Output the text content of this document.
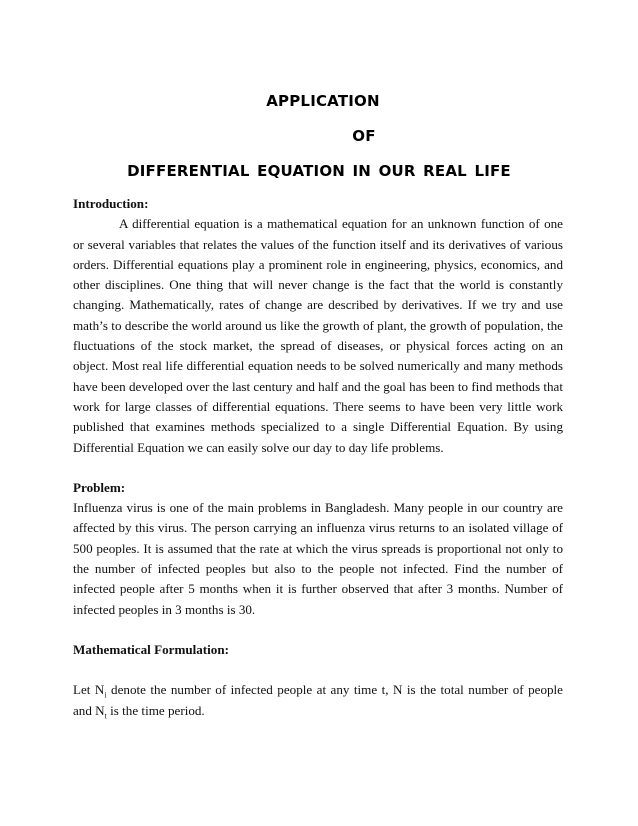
application
of
differential equation in our real life

Introduction:

A differential equation is a mathematical equation for an unknown function of one or several variables that relates the values of the function itself and its derivatives of various orders. Differential equations play a prominent role in engineering, physics, economics, and other disciplines. One thing that will never change is the fact that the world is constantly changing. Mathematically, rates of change are described by derivatives. If we try and use math’s to describe the world around us like the growth of plant, the growth of population, the fluctuations of the stock market, the spread of diseases, or physical forces acting on an object. Most real life differential equation needs to be solved numerically and many methods have been developed over the last century and half and the goal has been to find methods that work for large classes of differential equations. There seems to have been very little work published that examines methods specialized to a single Differential Equation. By using Differential Equation we can easily solve our day to day life problems.

Problem:

Influenza virus is one of the main problems in Bangladesh. Many people in our country are affected by this virus. The person carrying an influenza virus returns to an isolated village of 500 peoples. It is assumed that the rate at which the virus spreads is proportional not only to the number of infected peoples but also to the people not infected. Find the number of infected people after 5 months when it is further observed that after 3 months. Number of infected peoples in 3 months is 30.

Mathematical Formulation:

Let $N_i$ denote the number of infected people at any time t, N is the total number of people and $N_t$ is the time period.
